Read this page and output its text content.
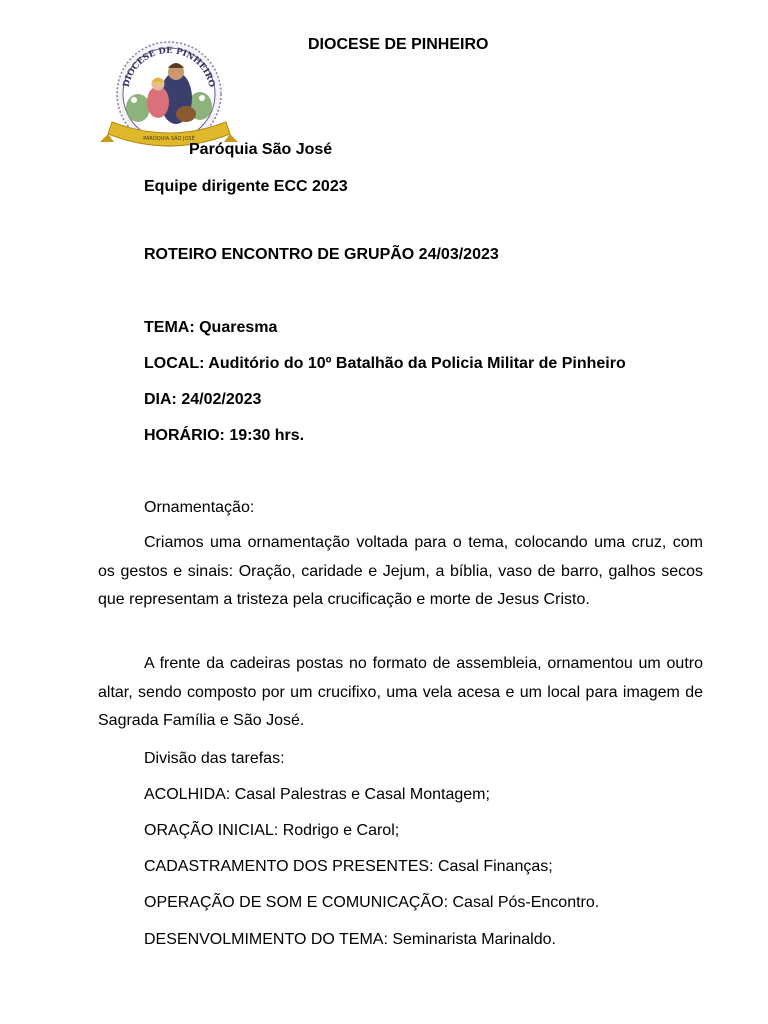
DIOCESE DE PINHEIRO
PARÓQUIA SÃO JOSÉ
DIOCESE DE PINHEIRO
Paróquia São José
Equipe dirigente ECC 2023
ROTEIRO ENCONTRO DE GRUPÃO 24/03/2023
TEMA: Quaresma
LOCAL: Auditório do 10º Batalhão da Policia Militar de Pinheiro
DIA: 24/02/2023
HORÁRIO: 19:30 hrs.
Ornamentação:
Criamos uma ornamentação voltada para o tema, colocando uma cruz, com os gestos e sinais: Oração, caridade e Jejum, a bíblia, vaso de barro, galhos secos que representam a tristeza pela crucificação e morte de Jesus Cristo.
A frente da cadeiras postas no formato de assembleia, ornamentou um outro altar, sendo composto por um crucifixo, uma vela acesa e um local para imagem de Sagrada Família e São José.
Divisão das tarefas:
ACOLHIDA: Casal Palestras e Casal Montagem;
ORAÇÃO INICIAL: Rodrigo e Carol;
CADASTRAMENTO DOS PRESENTES: Casal Finanças;
OPERAÇÃO DE SOM E COMUNICAÇÃO: Casal Pós-Encontro.
DESENVOLMIMENTO DO TEMA: Seminarista Marinaldo.
